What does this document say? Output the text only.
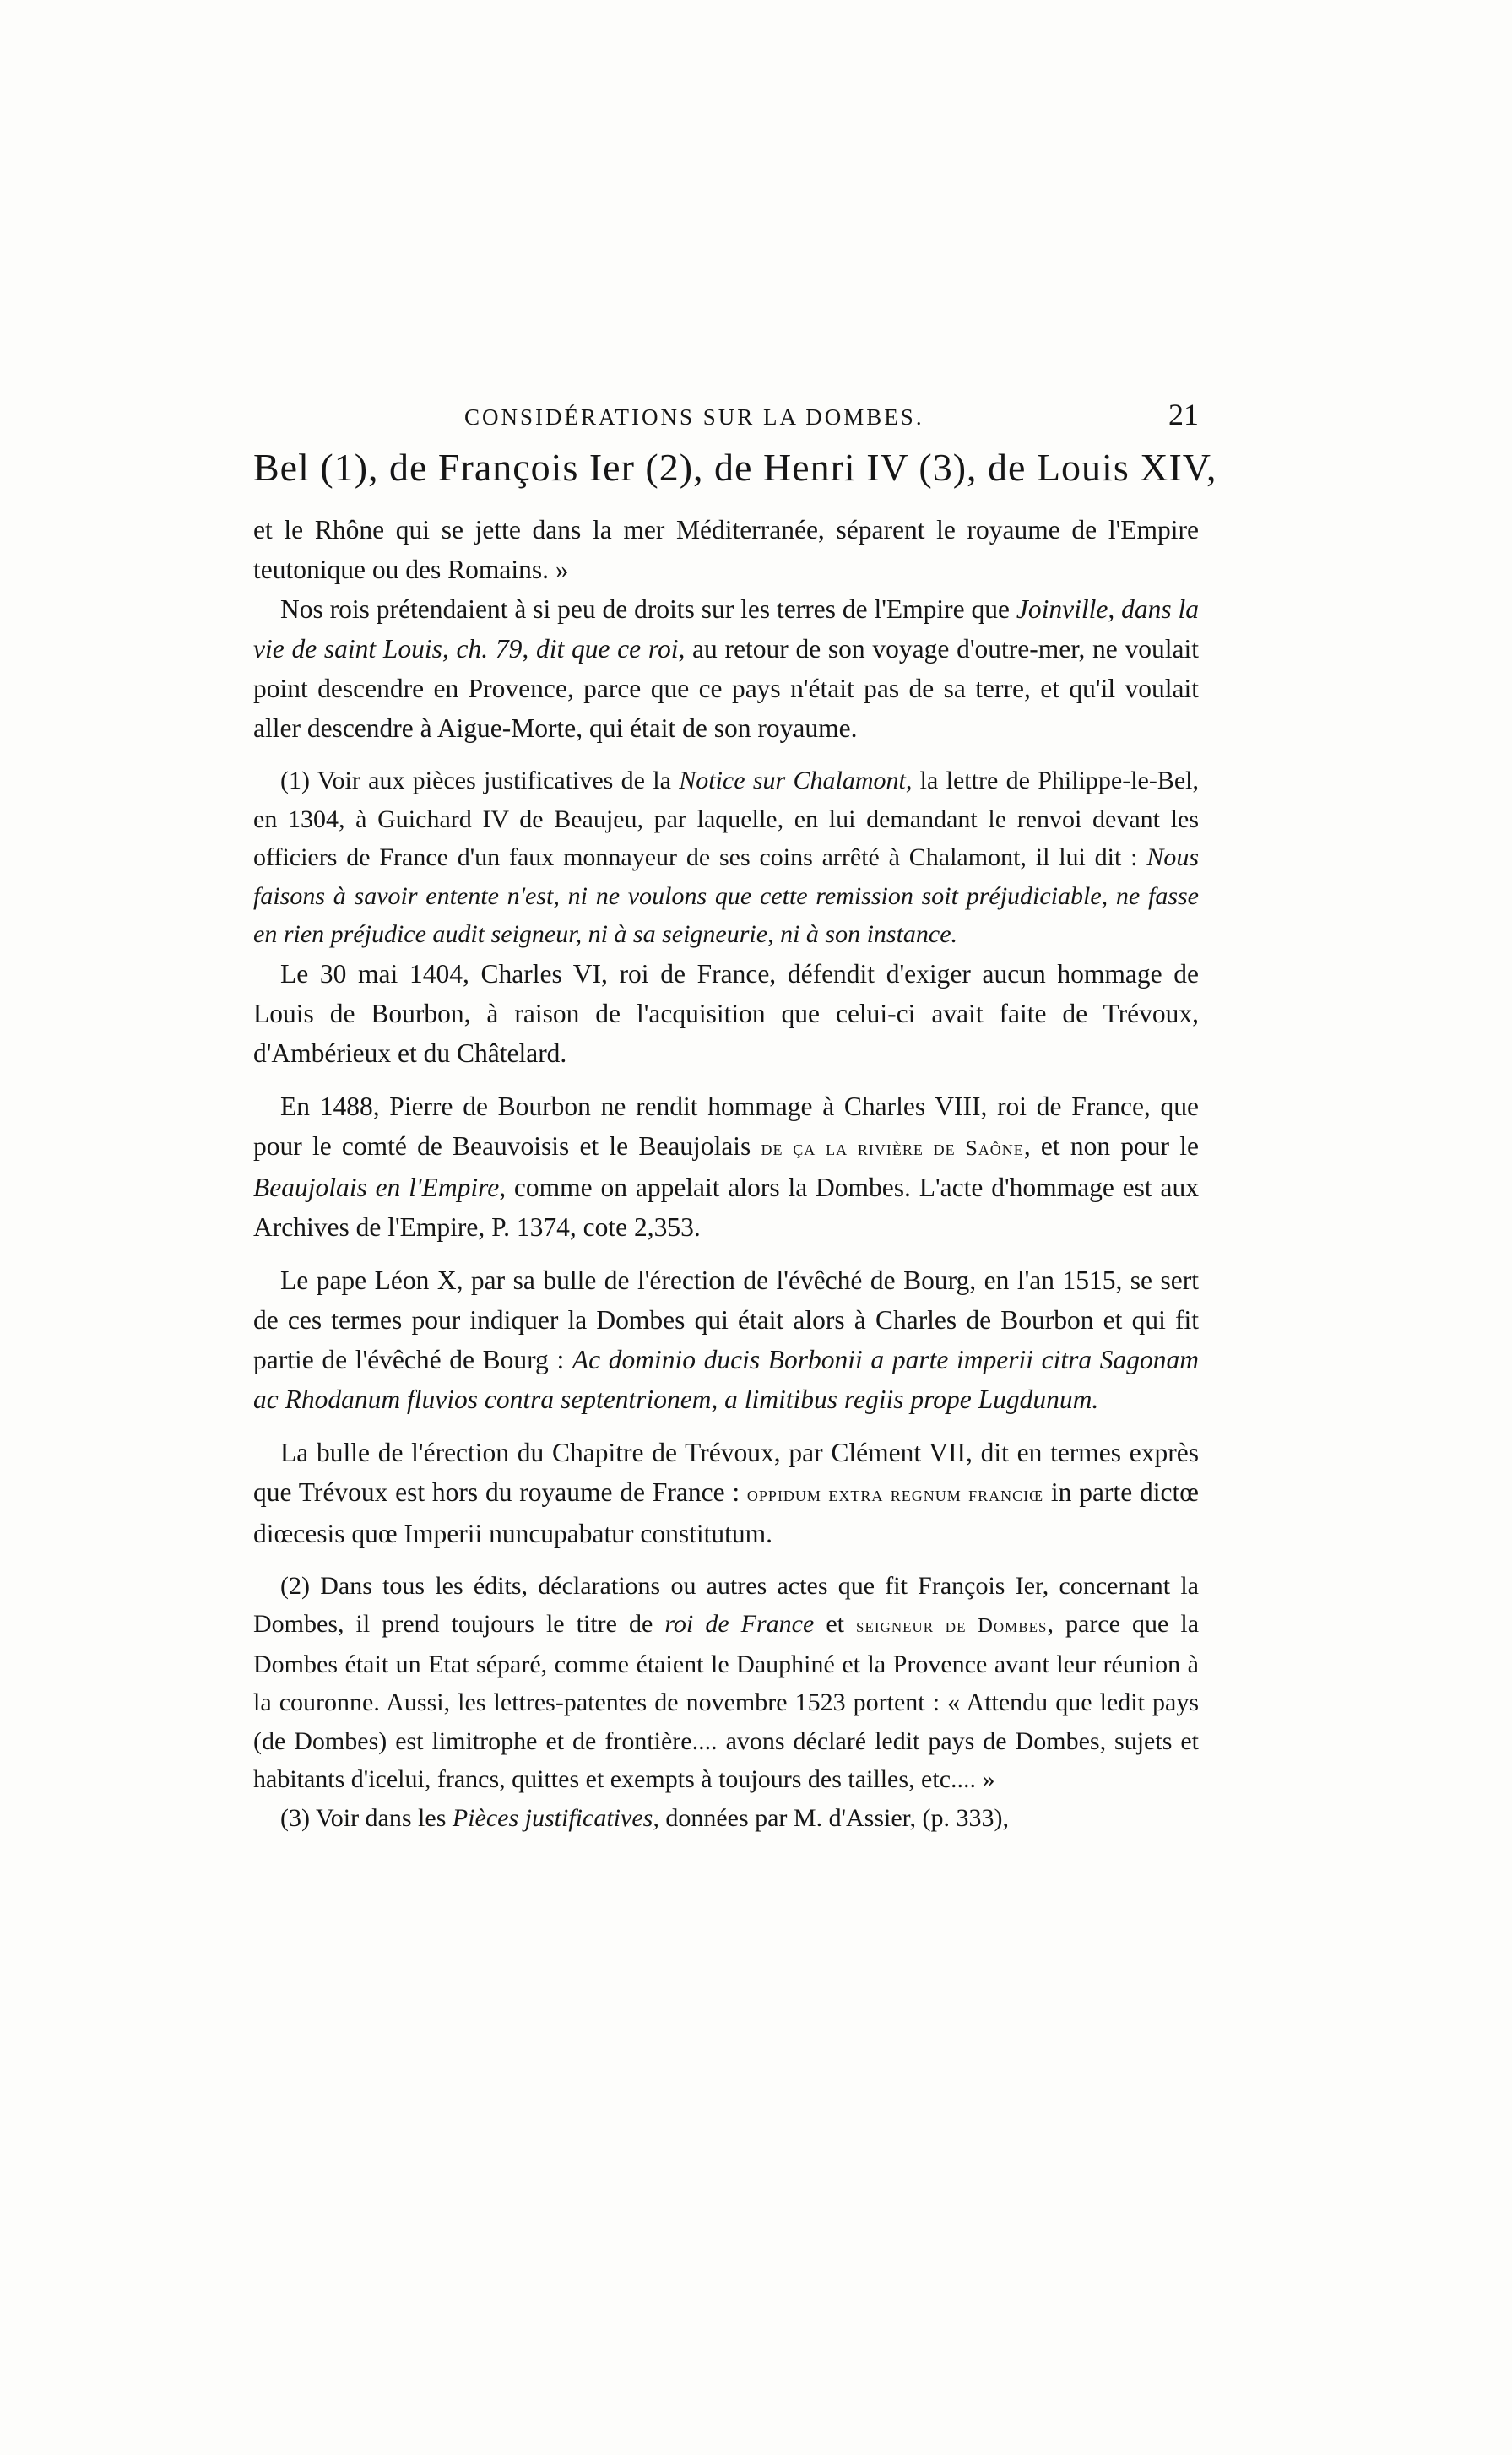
CONSIDÉRATIONS SUR LA DOMBES.	21
Bel (1), de François Ier (2), de Henri IV (3), de Louis XIV,

et le Rhône qui se jette dans la mer Méditerranée, séparent le royaume de l'Empire teutonique ou des Romains. »

Nos rois prétendaient à si peu de droits sur les terres de l'Empire que Joinville, dans la vie de saint Louis, ch. 79, dit que ce roi, au retour de son voyage d'outre-mer, ne voulait point descendre en Provence, parce que ce pays n'était pas de sa terre, et qu'il voulait aller descendre à Aigue-Morte, qui était de son royaume.

(1) Voir aux pièces justificatives de la Notice sur Chalamont, la lettre de Philippe-le-Bel, en 1304, à Guichard IV de Beaujeu, par laquelle, en lui demandant le renvoi devant les officiers de France d'un faux monnayeur de ses coins arrêté à Chalamont, il lui dit : Nous faisons à savoir entente n'est, ni ne voulons que cette remission soit préjudiciable, ne fasse en rien préjudice audit seigneur, ni à sa seigneurie, ni à son instance.

Le 30 mai 1404, Charles VI, roi de France, défendit d'exiger aucun hommage de Louis de Bourbon, à raison de l'acquisition que celui-ci avait faite de Trévoux, d'Ambérieux et du Châtelard.

En 1488, Pierre de Bourbon ne rendit hommage à Charles VIII, roi de France, que pour le comté de Beauvoisis et le Beaujolais de ça la rivière de Saône, et non pour le Beaujolais en l'Empire, comme on appelait alors la Dombes. L'acte d'hommage est aux Archives de l'Empire, P. 1374, cote 2,353.

Le pape Léon X, par sa bulle de l'érection de l'évêché de Bourg, en l'an 1515, se sert de ces termes pour indiquer la Dombes qui était alors à Charles de Bourbon et qui fit partie de l'évêché de Bourg : Ac dominio ducis Borbonii a parte imperii citra Sagonam ac Rhodanum fluvios contra septentrionem, a limitibus regiis prope Lugdunum.

La bulle de l'érection du Chapitre de Trévoux, par Clément VII, dit en termes exprès que Trévoux est hors du royaume de France : oppidum extra regnum franciœ in parte dictœ diœcesis quœ Imperii nuncupabatur constitutum.

(2) Dans tous les édits, déclarations ou autres actes que fit François Ier, concernant la Dombes, il prend toujours le titre de roi de France et seigneur de Dombes, parce que la Dombes était un Etat séparé, comme étaient le Dauphiné et la Provence avant leur réunion à la couronne. Aussi, les lettres-patentes de novembre 1523 portent : « Attendu que ledit pays (de Dombes) est limitrophe et de frontière.... avons déclaré ledit pays de Dombes, sujets et habitants d'icelui, francs, quittes et exempts à toujours des tailles, etc.... »

(3) Voir dans les Pièces justificatives, données par M. d'Assier, (p. 333),
